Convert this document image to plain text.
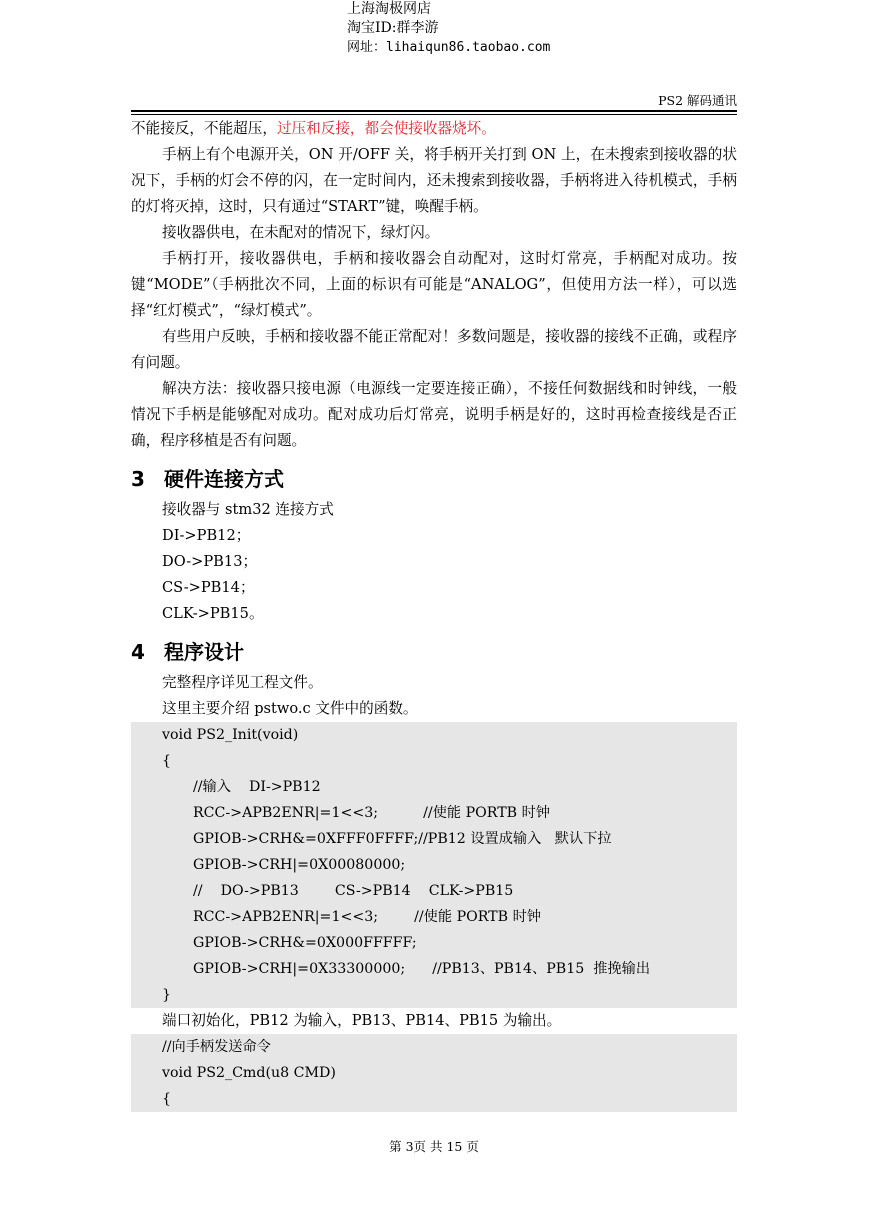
上海淘极网店
淘宝ID:群李游
网址：lihaiqun86.taobao.com
PS2 解码通讯
不能接反，不能超压，过压和反接，都会使接收器烧坏。
手柄上有个电源开关，ON 开/OFF 关，将手柄开关打到 ON 上，在未搜索到接收器的状况下，手柄的灯会不停的闪，在一定时间内，还未搜索到接收器，手柄将进入待机模式，手柄的灯将灭掉，这时，只有通过“START”键，唤醒手柄。
接收器供电，在未配对的情况下，绿灯闪。
手柄打开，接收器供电，手柄和接收器会自动配对，这时灯常亮，手柄配对成功。按键“MODE”（手柄批次不同，上面的标识有可能是“ANALOG”，但使用方法一样），可以选择“红灯模式”，“绿灯模式”。
有些用户反映，手柄和接收器不能正常配对！多数问题是，接收器的接线不正确，或程序有问题。
解决方法：接收器只接电源（电源线一定要连接正确），不接任何数据线和时钟线，一般情况下手柄是能够配对成功。配对成功后灯常亮，说明手柄是好的，这时再检查接线是否正确，程序移植是否有问题。
3 硬件连接方式
接收器与 stm32 连接方式
DI->PB12；
DO->PB13；
CS->PB14；
CLK->PB15。
4 程序设计
完整程序详见工程文件。
这里主要介绍 pstwo.c 文件中的函数。
void PS2_Init(void)
{
//输入    DI->PB12
RCC->APB2ENR|=1<<3;          //使能 PORTB 时钟
GPIOB->CRH&=0XFFF0FFFF;//PB12 设置成输入   默认下拉
GPIOB->CRH|=0X00080000;
//    DO->PB13        CS->PB14    CLK->PB15
RCC->APB2ENR|=1<<3;        //使能 PORTB 时钟
GPIOB->CRH&=0X000FFFFF;
GPIOB->CRH|=0X33300000;      //PB13、PB14、PB15  推挽输出
}
端口初始化，PB12 为输入，PB13、PB14、PB15 为输出。
//向手柄发送命令
void PS2_Cmd(u8 CMD)
{
第 3页 共 15 页
